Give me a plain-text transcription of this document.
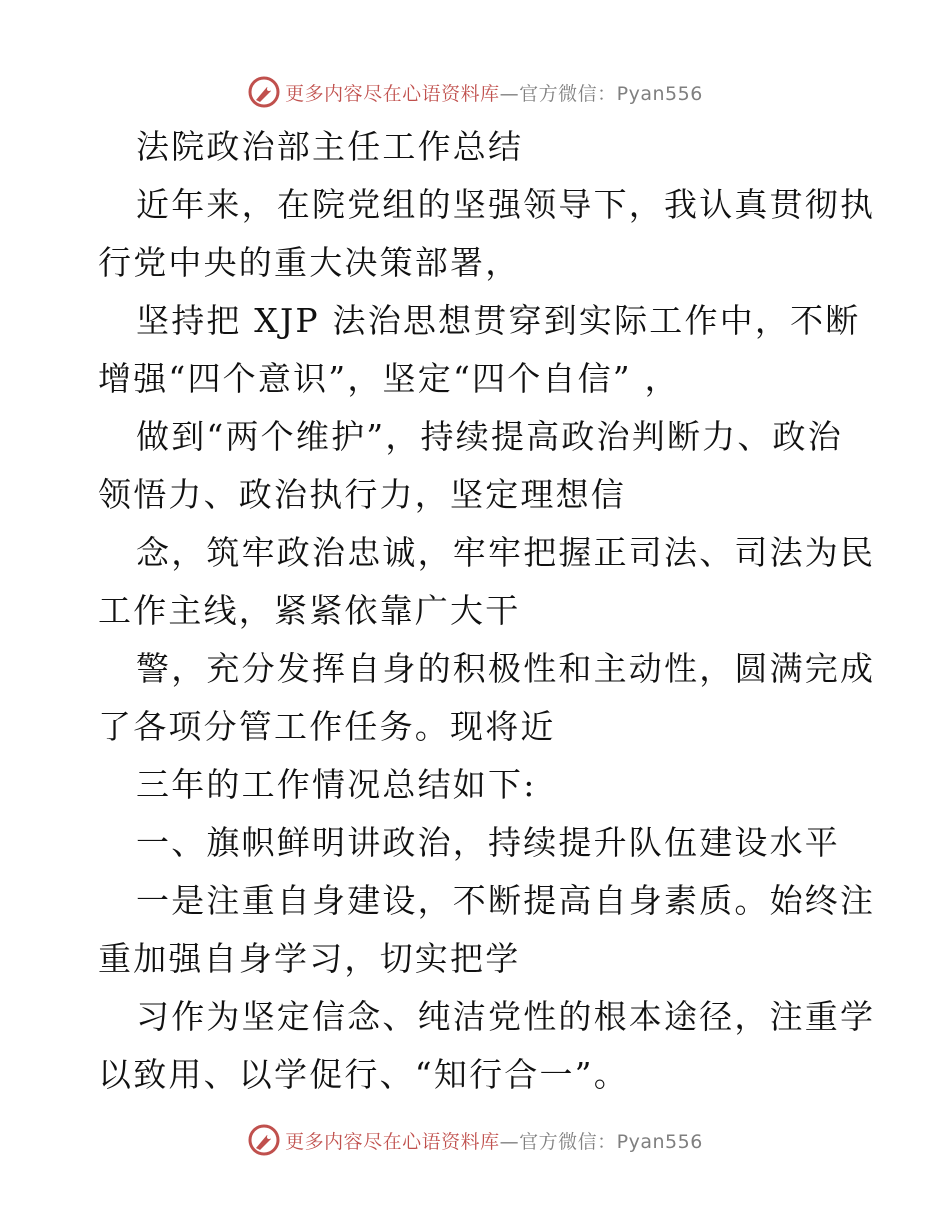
更多内容尽在心语资料库—官方微信：Pyan556
法院政治部主任工作总结
近年来，在院党组的坚强领导下，我认真贯彻执
行党中央的重大决策部署，
坚持把 XJP 法治思想贯穿到实际工作中，不断
增强“四个意识”，坚定“四个自信” ，
做到“两个维护”，持续提高政治判断力、政治
领悟力、政治执行力，坚定理想信
念，筑牢政治忠诚，牢牢把握正司法、司法为民
工作主线，紧紧依靠广大干
警，充分发挥自身的积极性和主动性，圆满完成
了各项分管工作任务。现将近
三年的工作情况总结如下:
一、旗帜鲜明讲政治，持续提升队伍建设水平
一是注重自身建设，不断提高自身素质。始终注
重加强自身学习，切实把学
习作为坚定信念、纯洁党性的根本途径，注重学
以致用、以学促行、“知行合一”。
更多内容尽在心语资料库—官方微信：Pyan556
